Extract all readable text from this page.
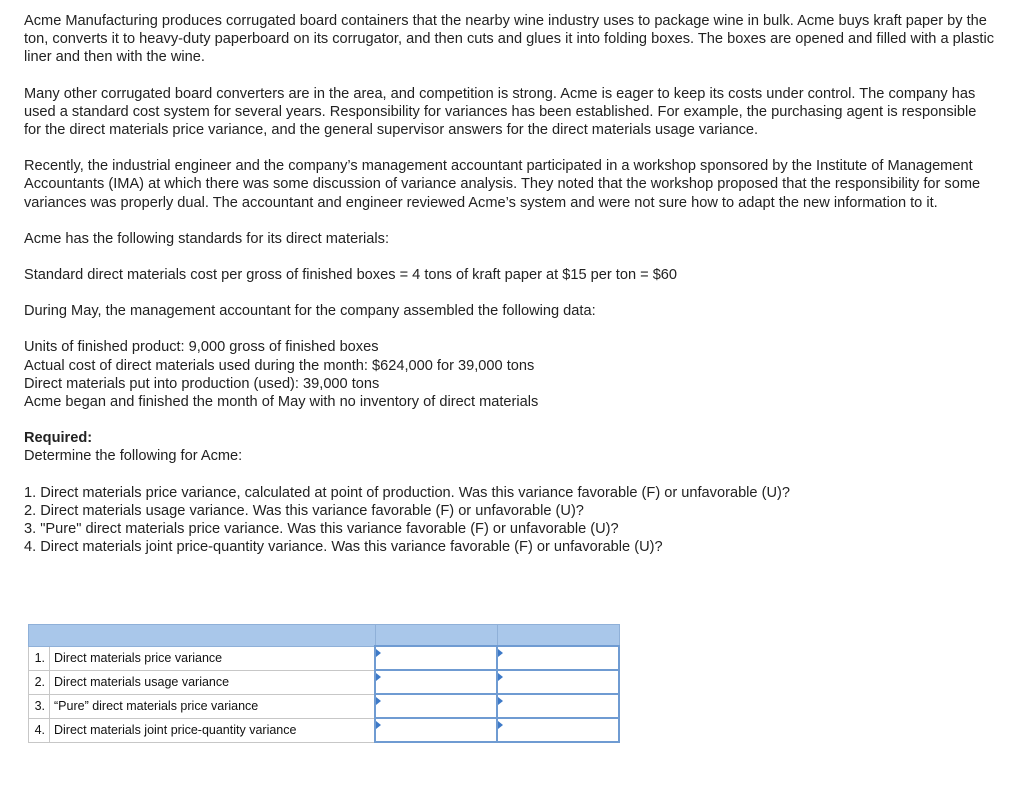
Acme Manufacturing produces corrugated board containers that the nearby wine industry uses to package wine in bulk. Acme buys kraft paper by the ton, converts it to heavy-duty paperboard on its corrugator, and then cuts and glues it into folding boxes. The boxes are opened and filled with a plastic liner and then with the wine.

Many other corrugated board converters are in the area, and competition is strong. Acme is eager to keep its costs under control. The company has used a standard cost system for several years. Responsibility for variances has been established. For example, the purchasing agent is responsible for the direct materials price variance, and the general supervisor answers for the direct materials usage variance.

Recently, the industrial engineer and the company’s management accountant participated in a workshop sponsored by the Institute of Management Accountants (IMA) at which there was some discussion of variance analysis. They noted that the workshop proposed that the responsibility for some variances was properly dual. The accountant and engineer reviewed Acme’s system and were not sure how to adapt the new information to it.

Acme has the following standards for its direct materials:

Standard direct materials cost per gross of finished boxes = 4 tons of kraft paper at $15 per ton = $60

During May, the management accountant for the company assembled the following data:

Units of finished product: 9,000 gross of finished boxes

Actual cost of direct materials used during the month: $624,000 for 39,000 tons

Direct materials put into production (used): 39,000 tons

Acme began and finished the month of May with no inventory of direct materials

Required:

Determine the following for Acme:

1. Direct materials price variance, calculated at point of production. Was this variance favorable (F) or unfavorable (U)?

2. Direct materials usage variance. Was this variance favorable (F) or unfavorable (U)?

3. "Pure" direct materials price variance. Was this variance favorable (F) or unfavorable (U)?

4. Direct materials joint price-quantity variance. Was this variance favorable (F) or unfavorable (U)?

1.	Direct materials price variance	

2.	Direct materials usage variance	

3.	“Pure” direct materials price variance	

4.	Direct materials joint price-quantity variance	
